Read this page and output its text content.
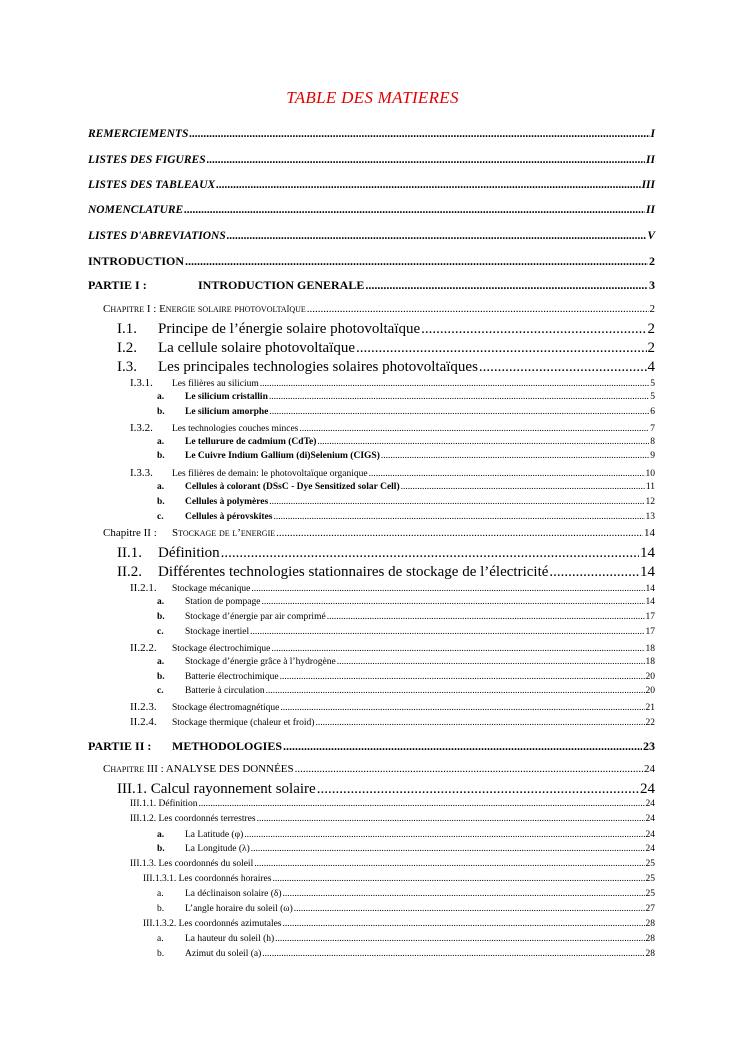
TABLE DES MATIERES
REMERCIEMENTS .....	I
LISTES DES FIGURES .....	II
LISTES DES TABLEAUX .....	III
NOMENCLATURE .....	II
LISTES D'ABREVIATIONS .....	V
INTRODUCTION .....	2
PARTIE I :	INTRODUCTION GENERALE .....	3
Chapitre I : Energie solaire photovoltaïque .....	2
I.1.	Principe de l’énergie solaire photovoltaïque .....	2
I.2.	La cellule solaire photovoltaïque .....	2
I.3.	Les principales technologies solaires photovoltaïques .....	4
I.3.1.	Les filières au silicium .....	5
a.	Le silicium cristallin .....	5
b.	Le silicium amorphe .....	6
I.3.2.	Les technologies couches minces .....	7
a.	Le tellurure de cadmium (CdTe) .....	8
b.	Le Cuivre Indium Gallium (di)Selenium (CIGS) .....	9
I.3.3.	Les filières de demain: le photovoltaïque organique .....	10
a.	Cellules à colorant (DSsC - Dye Sensitized solar Cell) .....	11
b.	Cellules à polymères .....	12
c.	Cellules à pérovskites .....	13
Chapitre II :	Stockage de l’energie .....	14
II.1.	Définition .....	14
II.2.	Différentes technologies stationnaires de stockage de l’électricité .....	14
II.2.1.	Stockage mécanique .....	14
a.	Station de pompage .....	14
b.	Stockage d’énergie par air comprimé .....	17
c.	Stockage inertiel .....	17
II.2.2.	Stockage électrochimique .....	18
a.	Stockage d’énergie grâce à l’hydrogène .....	18
b.	Batterie électrochimique .....	20
c.	Batterie à circulation .....	20
II.2.3.	Stockage électromagnétique .....	21
II.2.4.	Stockage thermique (chaleur et froid) .....	22
PARTIE II :	METHODOLOGIES .....	23
Chapitre III : ANALYSE DES DONNÉES .....	24
III.1. Calcul rayonnement solaire .....	24
III.1.1. Définition .....	24
III.1.2. Les coordonnés terrestres .....	24
a.	La Latitude (φ) .....	24
b.	La Longitude (λ) .....	24
III.1.3. Les coordonnés du soleil .....	25
III.1.3.1. Les coordonnés horaires .....	25
a.	La déclinaison solaire (δ) .....	25
b.	L’angle horaire du soleil (ω) .....	27
III.1.3.2. Les coordonnés azimutales .....	28
a.	La hauteur du soleil (h) .....	28
b.	Azimut du soleil (a) .....	28
